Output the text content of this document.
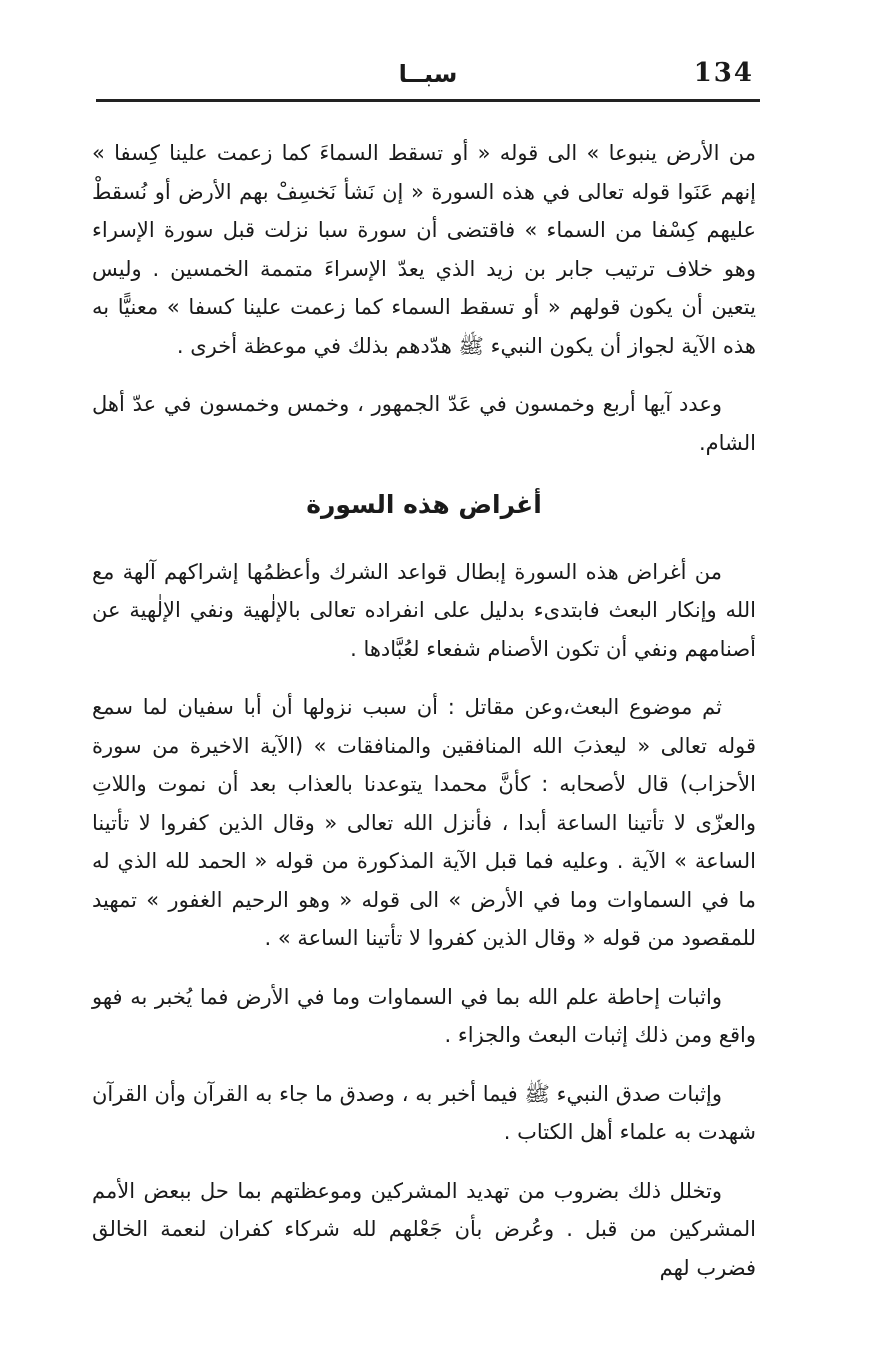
134
سبــا

من الأرض ينبوعا » الى قوله « أو تسقط السماءَ كما زعمت علينا كِسفا » إنهم عَنَوا قوله تعالى في هذه السورة « إن نَشأ نَخسِفْ بهم الأرض أو نُسقطْ عليهم كِسْفا من السماء » فاقتضى أن سورة سبا نزلت قبل سورة الإسراء وهو خلاف ترتيب جابر بن زيد الذي يعدّ الإسراءَ متممة الخمسين . وليس يتعين أن يكون قولهم « أو تسقط السماء كما زعمت علينا كسفا » معنيًّا به هذه الآية لجواز أن يكون النبيء ﷺ هدّدهم بذلك في موعظة أخرى .

وعدد آيها أربع وخمسون في عَدّ الجمهور ، وخمس وخمسون في عدّ أهل الشام.

أغراض هذه السورة

من أغراض هذه السورة إبطال قواعد الشرك وأعظمُها إشراكهم آلهة مع الله وإنكار البعث فابتدىء بدليل على انفراده تعالى بالإلٰهية ونفي الإلٰهية عن أصنامهم ونفي أن تكون الأصنام شفعاء لعُبَّادها .

ثم موضوع البعث،وعن مقاتل : أن سبب نزولها أن أبا سفيان لما سمع قوله تعالى « ليعذبَ الله المنافقين والمنافقات » (الآية الاخيرة من سورة الأحزاب) قال لأصحابه : كأنَّ محمدا يتوعدنا بالعذاب بعد أن نموت واللاتِ والعزّى لا تأتينا الساعة أبدا ، فأنزل الله تعالى « وقال الذين كفروا لا تأتينا الساعة » الآية . وعليه فما قبل الآية المذكورة من قوله « الحمد لله الذي له ما في السماوات وما في الأرض » الى قوله « وهو الرحيم الغفور » تمهيد للمقصود من قوله « وقال الذين كفروا لا تأتينا الساعة » .

واثبات إحاطة علم الله بما في السماوات وما في الأرض فما يُخبر به فهو واقع ومن ذلك إثبات البعث والجزاء .

وإثبات صدق النبيء ﷺ فيما أخبر به ، وصدق ما جاء به القرآن وأن القرآن شهدت به علماء أهل الكتاب .

وتخلل ذلك بضروب من تهديد المشركين وموعظتهم بما حل ببعض الأمم المشركين من قبل . وعُرض بأن جَعْلهم لله شركاء كفران لنعمة الخالق فضرب لهم
